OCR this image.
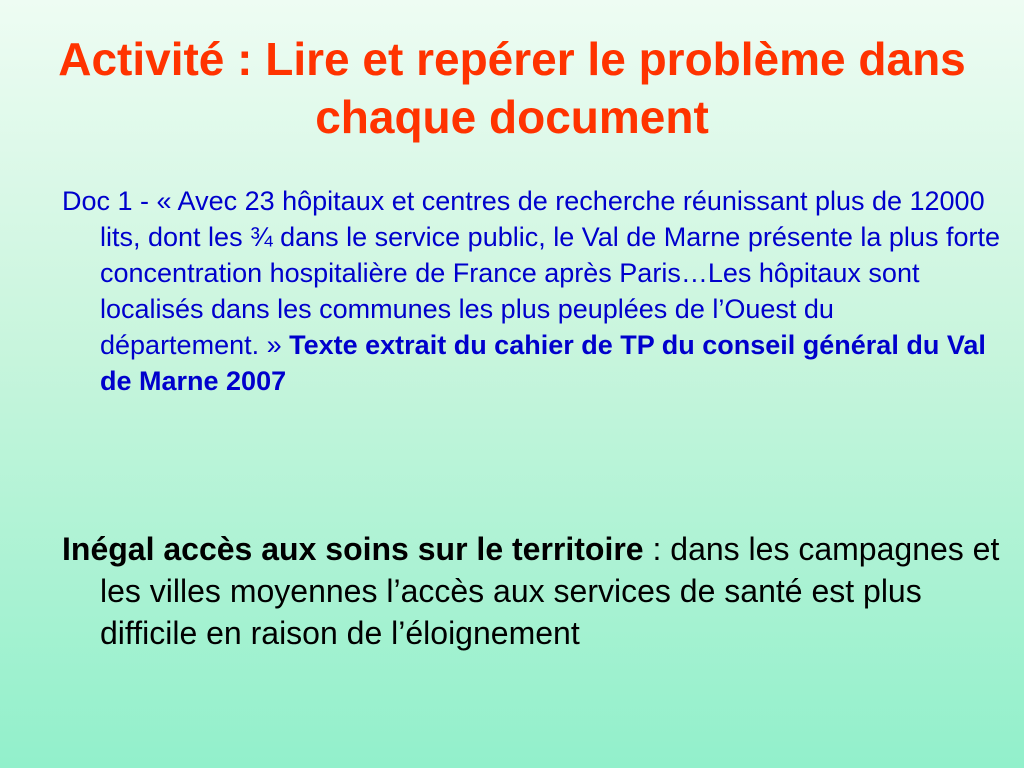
Activité : Lire et repérer le problème dans chaque document

Doc 1 - « Avec 23 hôpitaux et centres de recherche réunissant plus de 12000 lits, dont les ¾ dans le service public, le Val de Marne présente la plus forte concentration hospitalière de France après Paris…Les hôpitaux sont localisés dans les communes les plus peuplées de l’Ouest du département. » Texte extrait du cahier de TP du conseil général du Val de Marne 2007

Inégal accès aux soins sur le territoire : dans les campagnes et les villes moyennes l’accès aux services de santé est plus difficile en raison de l’éloignement
